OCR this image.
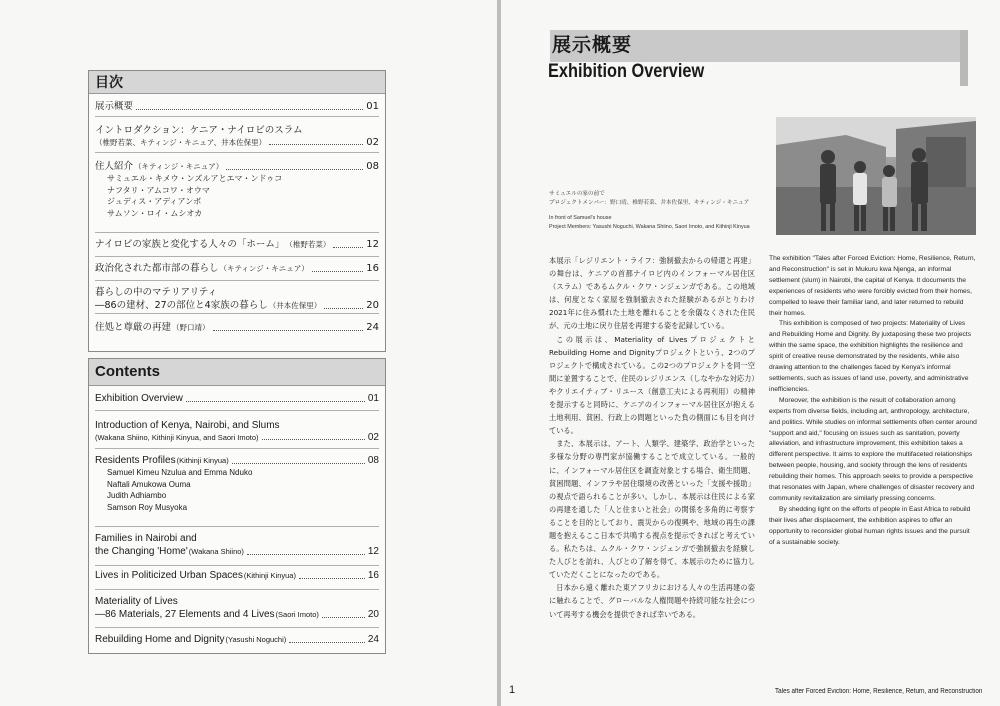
目次
展示概要	01
イントロダクション：ケニア・ナイロビのスラム
（椎野若菜、キティンジ・キニュア、井本佐保里）	02
住人紹介 （キティンジ・キニュア）	08
サミュエル・キメウ・ンズルアとエマ・ンドゥコ
ナフタリ・アムコワ・オウマ
ジュディス・アディアンボ
サムソン・ロイ・ムシオカ
ナイロビの家族と変化する人々の「ホーム」 （椎野若菜）	12
政治化された都市部の暮らし （キティンジ・キニュア）	16
暮らしの中のマテリアリティ
―86の建材、27の部位と4家族の暮らし （井本佐保里）	20
住処と尊厳の再建 （野口靖）	24
Contents
Exhibition Overview	01
Introduction of Kenya, Nairobi, and Slums
(Wakana Shiino, Kithinji Kinyua, and Saori Imoto)	02
Residents Profiles (Kithinji Kinyua)	08
Samuel Kimeu Nzulua and Emma Nduko
Naftali Amukowa Ouma
Judith Adhiambo
Samson Roy Musyoka
Families in Nairobi and
the Changing 'Home' (Wakana Shiino)	12
Lives in Politicized Urban Spaces (Kithinji Kinyua)	16
Materiality of Lives
―86 Materials, 27 Elements and 4 Lives (Saori Imoto)	20
Rebuilding Home and Dignity (Yasushi Noguchi)	24
展示概要
Exhibition Overview
サミュエルの家の前で
プロジェクトメンバー：野口靖、椎野若菜、井本佐保里、キティンジ・キニュア
In front of Samuel's house
Project Members: Yasushi Noguchi, Wakana Shiino, Saori Imoto, and Kithinji Kinyua

本展示「レジリエント・ライフ：強制撤去からの帰還と再建」の舞台は、ケニアの首都ナイロビ内のインフォーマル居住区（スラム）であるムクル・クワ・ンジェンガである。この地域は、何度となく家屋を強制撤去された経験があるがとりわけ2021年に住み慣れた土地を離れることを余儀なくされた住民が、元の土地に戻り住居を再建する姿を記録している。

この展示は、Materiality of LivesプロジェクトとRebuilding Home and Dignityプロジェクトという、2つのプロジェクトで構成されている。この2つのプロジェクトを同一空間に並置することで、住民のレジリエンス（しなやかな対応力）やクリエイティブ・リユース（創意工夫による再利用）の精神を提示すると同時に、ケニアのインフォーマル居住区が抱える土地利用、貧困、行政上の問題といった負の側面にも目を向けている。

また、本展示は、アート、人類学、建築学、政治学といった多様な分野の専門家が協働することで成立している。一般的に、インフォーマル居住区を調査対象とする場合、衛生問題、貧困問題、インフラや居住環境の改善といった「支援や援助」の視点で語られることが多い。しかし、本展示は住民による家の再建を通した「人と住まいと社会」の関係を多角的に考察することを目的としており、震災からの復興や、地域の再生の課題を抱えるここ日本で共鳴する視点を提示できればと考えている。私たちは、ムクル・クワ・ンジェンガで強制撤去を経験した人びとを訪れ、人びとの了解を得て、本展示のために協力していただくことになったのである。

日本から遠く離れた東アフリカにおける人々の生活再建の姿に触れることで、グローバルな人権問題や持続可能な社会について再考する機会を提供できれば幸いである。

The exhibition "Tales after Forced Eviction: Home, Resilience, Return, and Reconstruction" is set in Mukuru kwa Njenga, an informal settlement (slum) in Nairobi, the capital of Kenya. It documents the experiences of residents who were forcibly evicted from their homes, compelled to leave their familiar land, and later returned to rebuild their homes.

This exhibition is composed of two projects: Materiality of Lives and Rebuilding Home and Dignity. By juxtaposing these two projects within the same space, the exhibition highlights the resilience and spirit of creative reuse demonstrated by the residents, while also drawing attention to the challenges faced by Kenya's informal settlements, such as issues of land use, poverty, and administrative inefficiencies.

Moreover, the exhibition is the result of collaboration among experts from diverse fields, including art, anthropology, architecture, and politics. While studies on informal settlements often center around "support and aid," focusing on issues such as sanitation, poverty alleviation, and infrastructure improvement, this exhibition takes a different perspective. It aims to explore the multifaceted relationships between people, housing, and society through the lens of residents rebuilding their homes. This approach seeks to provide a perspective that resonates with Japan, where challenges of disaster recovery and community revitalization are similarly pressing concerns.

By shedding light on the efforts of people in East Africa to rebuild their lives after displacement, the exhibition aspires to offer an opportunity to reconsider global human rights issues and the pursuit of a sustainable society.

1	Tales after Forced Eviction: Home, Resilience, Return, and Reconstruction
